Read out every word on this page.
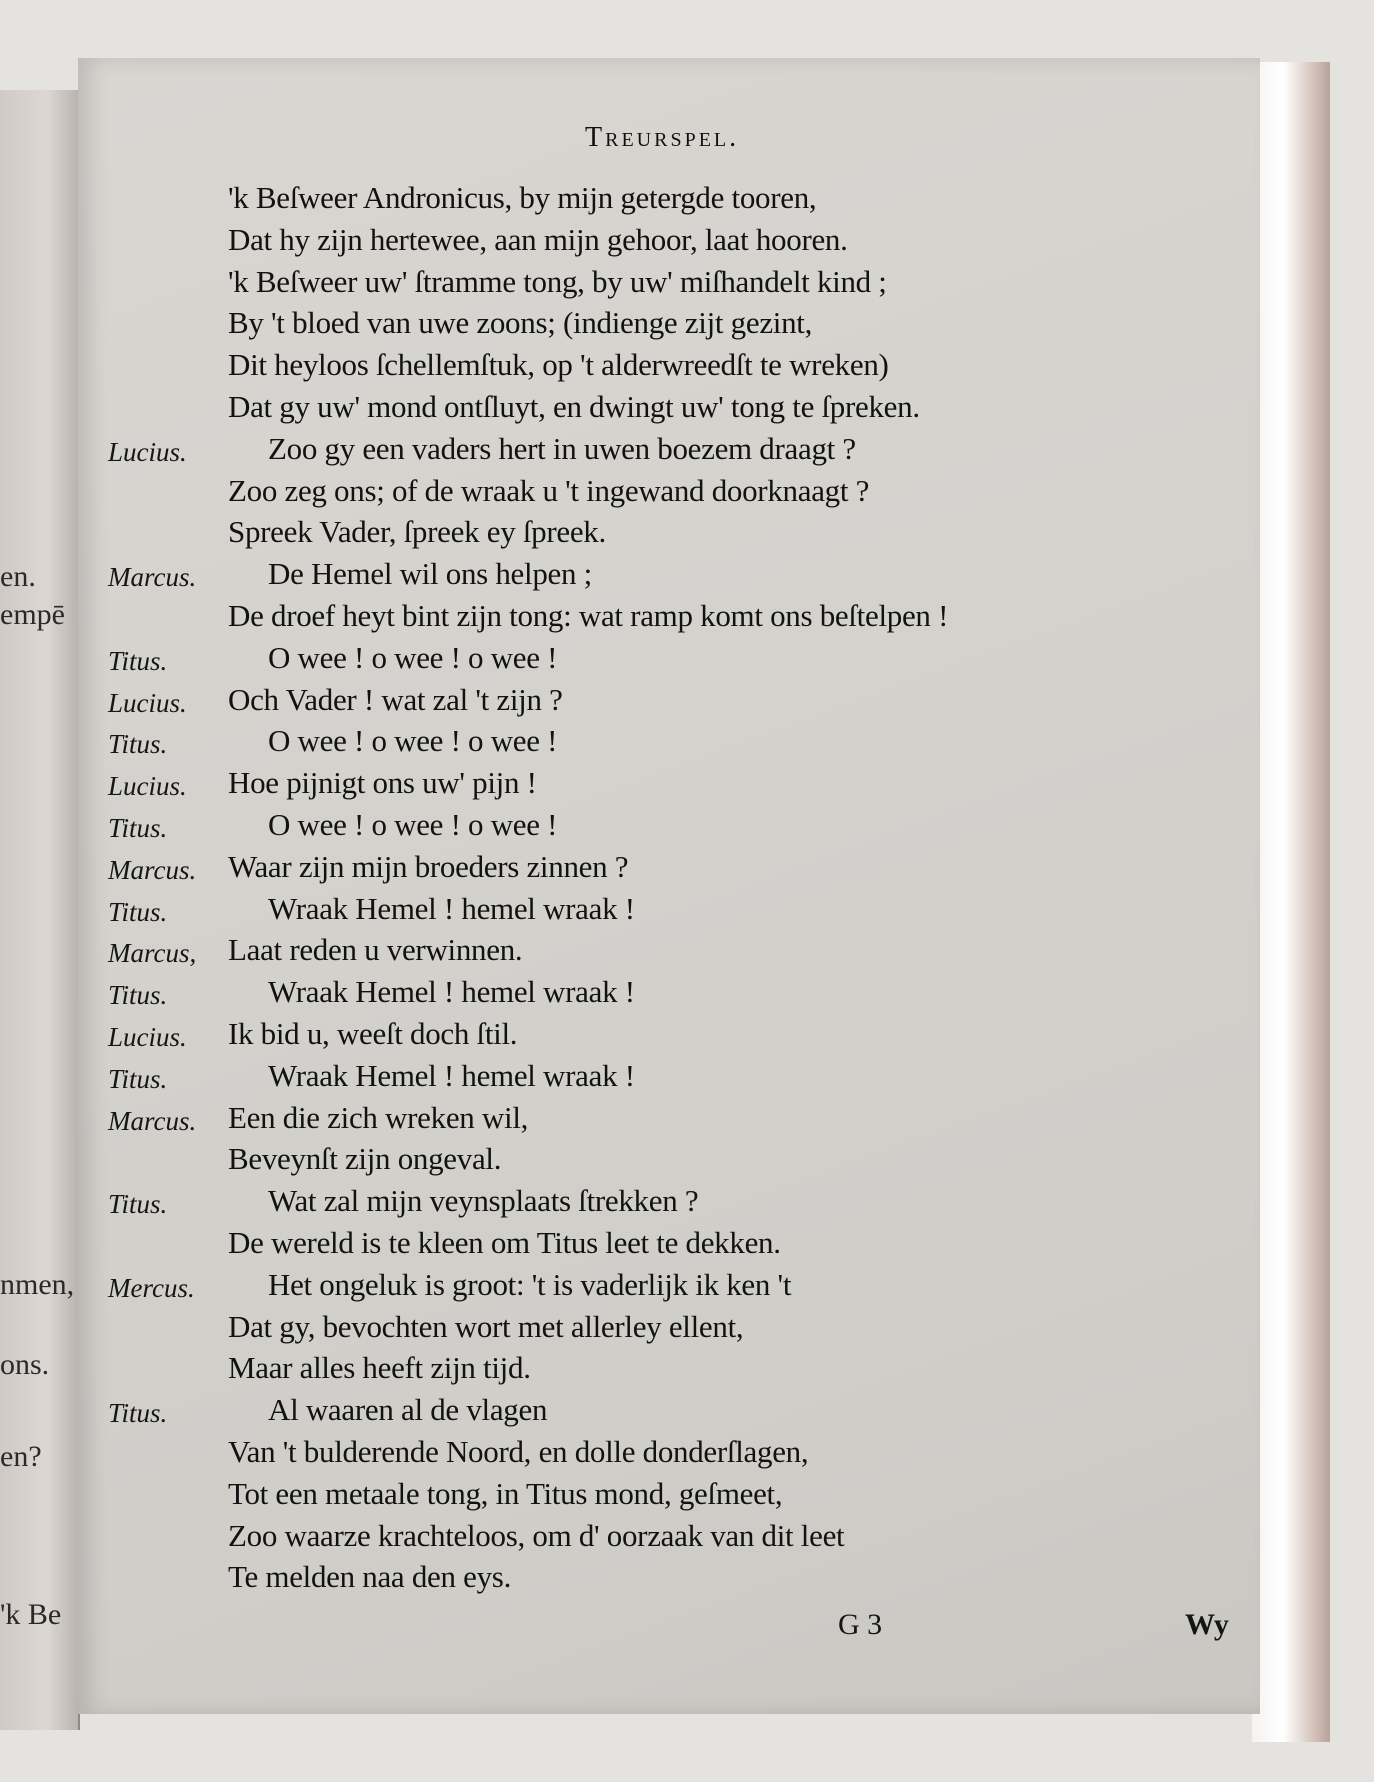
en.
empē
nmen,
ons.
en?
'k Be
Treurspel.
'k Beſweer Andronicus, by mijn getergde tooren,
Dat hy zijn hertewee, aan mijn gehoor, laat hooren.
'k Beſweer uw' ſtramme tong, by uw' miſhandelt kind ;
By 't bloed van uwe zoons; (indienge zijt gezint,
Dit heyloos ſchellemſtuk, op 't alderwreedſt te wreken)
Dat gy uw' mond ontſluyt, en dwingt uw' tong te ſpreken.
Lucius.	Zoo gy een vaders hert in uwen boezem draagt ?
Zoo zeg ons; of de wraak u 't ingewand doorknaagt ?
Spreek Vader, ſpreek ey ſpreek.
Marcus. De Hemel wil ons helpen ;
De droef heyt bint zijn tong: wat ramp komt ons beſtelpen !
Titus.	O wee ! o wee ! o wee !
Lucius. Och Vader ! wat zal 't zijn ?
Titus.	O wee ! o wee ! o wee !
Lucius. Hoe pijnigt ons uw' pijn !
Titus.	O wee ! o wee ! o wee !
Marcus. Waar zijn mijn broeders zinnen ?
Titus.	Wraak Hemel ! hemel wraak !
Marcus, Laat reden u verwinnen.
Titus.	Wraak Hemel ! hemel wraak !
Lucius. Ik bid u, weeſt doch ſtil.
Titus.	Wraak Hemel ! hemel wraak !
Marcus. Een die zich wreken wil,
Beveynſt zijn ongeval.
Titus.	Wat zal mijn veynsplaats ſtrekken ?
De wereld is te kleen om Titus leet te dekken.
Mercus. Het ongeluk is groot: 't is vaderlijk ik ken 't
Dat gy, bevochten wort met allerley ellent,
Maar alles heeft zijn tijd.
Titus.	Al waaren al de vlagen
Van 't bulderende Noord, en dolle donderſlagen,
Tot een metaale tong, in Titus mond, geſmeet,
Zoo waarze krachteloos, om d' oorzaak van dit leet
Te melden naa den eys.
G 3	Wy
